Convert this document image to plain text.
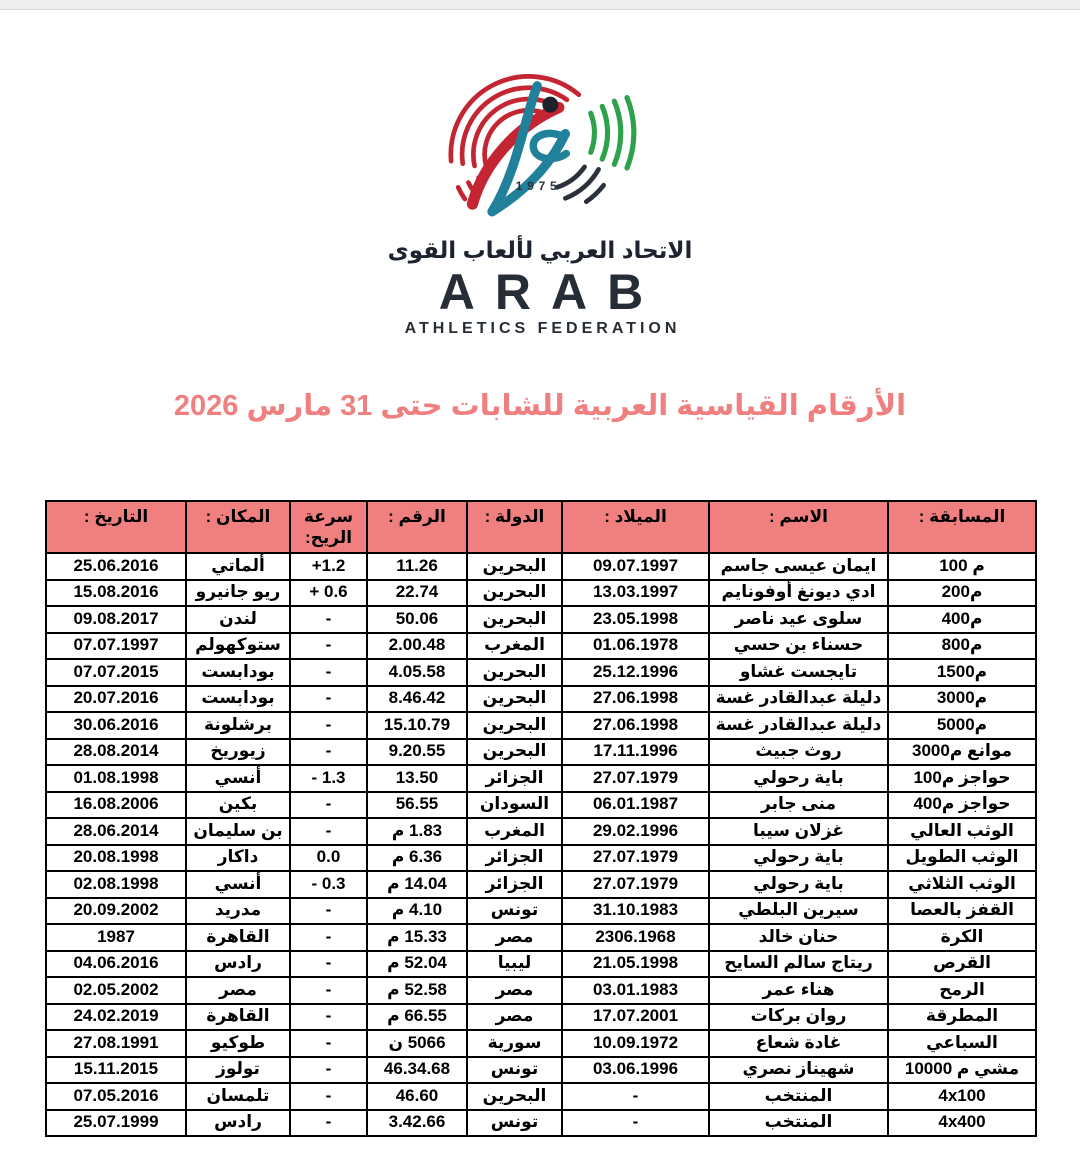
1975
الاتحاد العربي لألعاب القوى
ARAB
ATHLETICS FEDERATION
الأرقام القياسية العربية للشابات حتى 31 مارس 2026
المسابقة :	الاسم :	الميلاد :	الدولة :	الرقم :	سرعة الريح:	المكان :	التاريخ :
م 100	ايمان عيسى جاسم	09.07.1997	البحرين	11.26	+1.2	ألماتي	25.06.2016
م200	ادي ديونغ أوفونايم	13.03.1997	البحرين	22.74	+ 0.6	ريو جانيرو	15.08.2016
م400	سلوى عيد ناصر	23.05.1998	البحرين	50.06	-	لندن	09.08.2017
م800	حسناء بن حسي	01.06.1978	المغرب	2.00.48	-	ستوكهولم	07.07.1997
م1500	تايجست غشاو	25.12.1996	البحرين	4.05.58	-	بودابست	07.07.2015
م3000	دليلة عبدالقادر غسة	27.06.1998	البحرين	8.46.42	-	بودابست	20.07.2016
م5000	دليلة عبدالقادر غسة	27.06.1998	البحرين	15.10.79	-	برشلونة	30.06.2016
موانع م3000	روث جبيث	17.11.1996	البحرين	9.20.55	-	زيوريخ	28.08.2014
حواجز م100	باية رحولي	27.07.1979	الجزائر	13.50	- 1.3	أنسي	01.08.1998
حواجز م400	منى جابر	06.01.1987	السودان	56.55	-	بكين	16.08.2006
الوثب العالي	غزلان سيبا	29.02.1996	المغرب	1.83 م	-	بن سليمان	28.06.2014
الوثب الطويل	باية رحولي	27.07.1979	الجزائر	6.36 م	0.0	داكار	20.08.1998
الوثب الثلاثي	باية رحولي	27.07.1979	الجزائر	14.04 م	- 0.3	أنسي	02.08.1998
القفز بالعصا	سيرين البلطي	31.10.1983	تونس	4.10 م	-	مدريد	20.09.2002
الكرة	حنان خالد	2306.1968	مصر	15.33 م	-	القاهرة	1987
القرص	ريتاج سالم السايح	21.05.1998	ليبيا	52.04 م	-	رادس	04.06.2016
الرمح	هناء عمر	03.01.1983	مصر	52.58 م	-	مصر	02.05.2002
المطرقة	روان بركات	17.07.2001	مصر	66.55 م	-	القاهرة	24.02.2019
السباعي	غادة شعاع	10.09.1972	سورية	5066 ن	-	طوكيو	27.08.1991
مشي م 10000	شهيناز نصري	03.06.1996	تونس	46.34.68	-	تولوز	15.11.2015
4x100	المنتخب	-	البحرين	46.60	-	تلمسان	07.05.2016
4x400	المنتخب	-	تونس	3.42.66	-	رادس	25.07.1999
